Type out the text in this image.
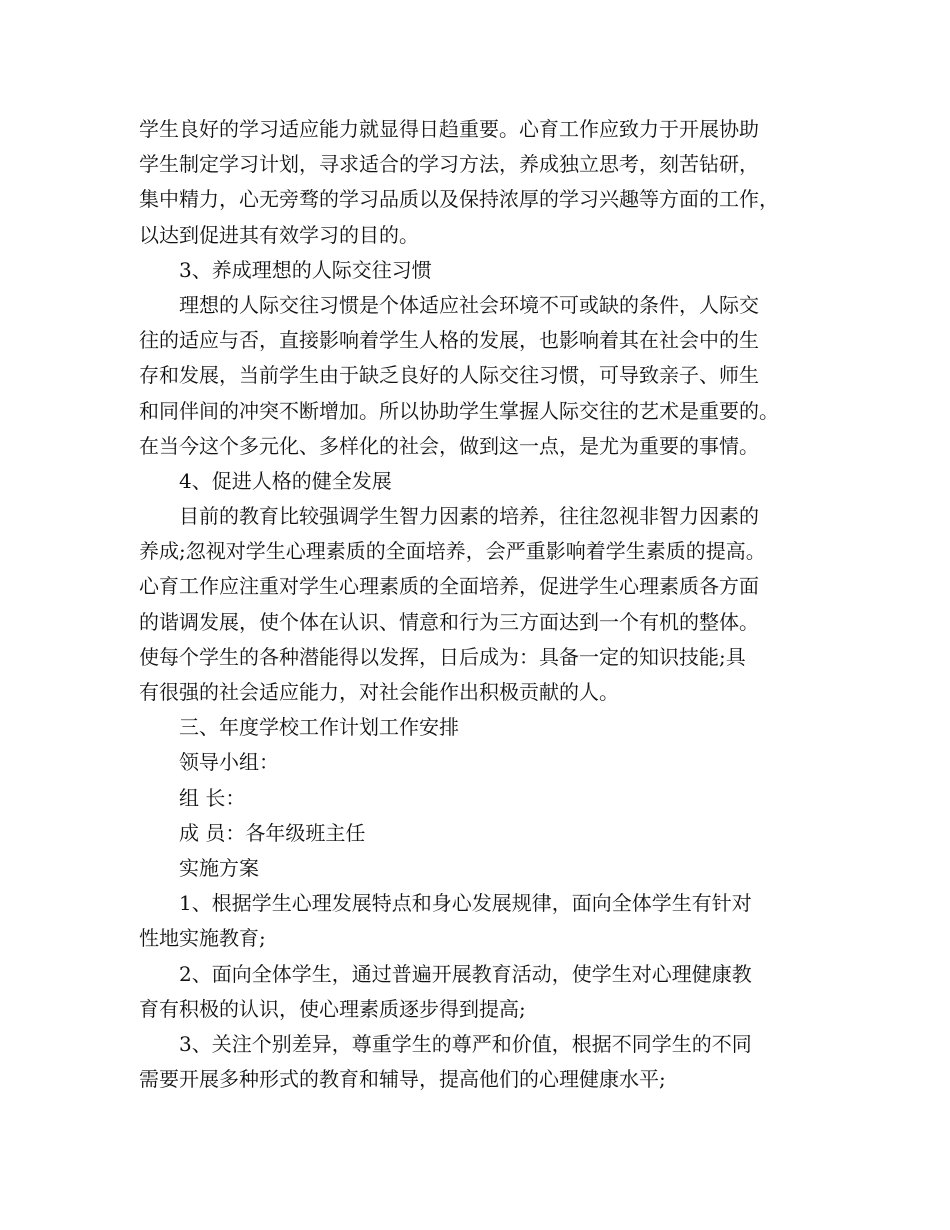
学生良好的学习适应能力就显得日趋重要。心育工作应致力于开展协助
学生制定学习计划，寻求适合的学习方法，养成独立思考，刻苦钻研，
集中精力，心无旁骛的学习品质以及保持浓厚的学习兴趣等方面的工作，
以达到促进其有效学习的目的。
3、养成理想的人际交往习惯
理想的人际交往习惯是个体适应社会环境不可或缺的条件，人际交
往的适应与否，直接影响着学生人格的发展，也影响着其在社会中的生
存和发展，当前学生由于缺乏良好的人际交往习惯，可导致亲子、师生
和同伴间的冲突不断增加。所以协助学生掌握人际交往的艺术是重要的。
在当今这个多元化、多样化的社会，做到这一点，是尤为重要的事情。
4、促进人格的健全发展
目前的教育比较强调学生智力因素的培养，往往忽视非智力因素的
养成;忽视对学生心理素质的全面培养，会严重影响着学生素质的提高。
心育工作应注重对学生心理素质的全面培养，促进学生心理素质各方面
的谐调发展，使个体在认识、情意和行为三方面达到一个有机的整体。
使每个学生的各种潜能得以发挥，日后成为：具备一定的知识技能;具
有很强的社会适应能力，对社会能作出积极贡献的人。
三、年度学校工作计划工作安排
领导小组：
组 长：
成 员：各年级班主任
实施方案
1、根据学生心理发展特点和身心发展规律，面向全体学生有针对
性地实施教育;
2、面向全体学生，通过普遍开展教育活动，使学生对心理健康教
育有积极的认识，使心理素质逐步得到提高;
3、关注个别差异，尊重学生的尊严和价值，根据不同学生的不同
需要开展多种形式的教育和辅导，提高他们的心理健康水平;
